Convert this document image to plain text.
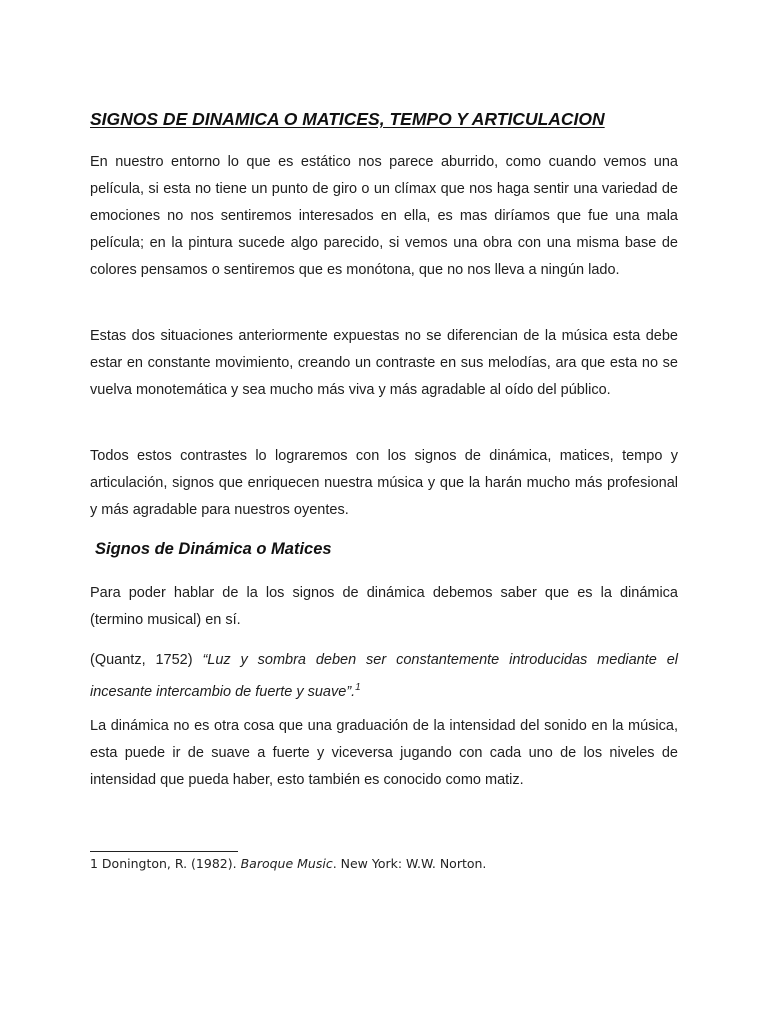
SIGNOS DE DINAMICA O MATICES, TEMPO Y ARTICULACION

En nuestro entorno lo que es estático nos parece aburrido, como cuando vemos una película, si esta no tiene un punto de giro o un clímax que nos haga sentir una variedad de emociones no nos sentiremos interesados en ella, es mas diríamos que fue una mala película; en la pintura sucede algo parecido, si vemos una obra con una misma base de colores pensamos o sentiremos que es monótona, que no nos lleva a ningún lado.

Estas dos situaciones anteriormente expuestas no se diferencian de la música esta debe estar en constante movimiento, creando un contraste en sus melodías, ara que esta no se vuelva monotemática y sea mucho más viva y más agradable al oído del público.

Todos estos contrastes lo lograremos con los signos de dinámica, matices, tempo y articulación, signos que enriquecen nuestra música y que la harán mucho más profesional y más agradable para nuestros oyentes.

Signos de Dinámica o Matices

Para poder hablar de la los signos de dinámica debemos saber que es la dinámica (termino musical) en sí.

(Quantz, 1752) “Luz y sombra deben ser constantemente introducidas mediante el incesante intercambio de fuerte y suave”.$^1$

La dinámica no es otra cosa que una graduación de la intensidad del sonido en la música, esta puede ir de suave a fuerte y viceversa jugando con cada uno de los niveles de intensidad que pueda haber, esto también es conocido como matiz.

1 Donington, R. (1982). Baroque Music. New York: W.W. Norton.
